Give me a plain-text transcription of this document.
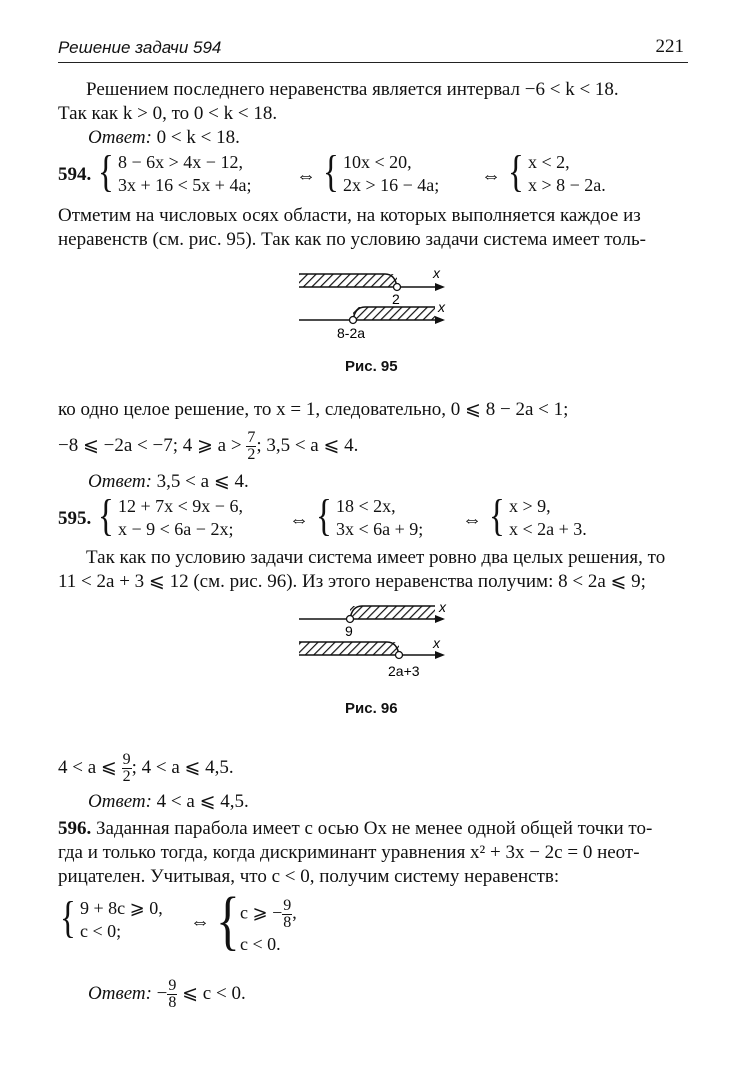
Решение задачи 594	221
Решением последнего неравенства является интервал −6 < k < 18.
Так как k > 0, то 0 < k < 18.
Ответ: 0 < k < 18.
594. { 8 − 6x > 4x − 12,
3x + 16 < 5x + 4a; ⇔ { 10x < 20,
2x > 16 − 4a; ⇔ { x < 2,
x > 8 − 2a.
Отметим на числовых осях области, на которых выполняется каждое из
неравенств (см. рис. 95). Так как по условию задачи система имеет толь-
x
2	x
8-2a
Рис. 95
ко одно целое решение, то x = 1, следовательно, 0 ⩽ 8 − 2a < 1;
−8 ⩽ −2a < −7; 4 ⩾ $a > \frac{7}{2}$ ; 3,5 < a ⩽ 4.
Ответ: 3,5 < a ⩽ 4.
595. { 12 + 7x < 9x − 6,
x − 9 < 6a − 2x;	⇔ { 18 < 2x,
3x < 6a + 9; ⇔ { x > 9,
x < 2a + 3.
Так как по условию задачи система имеет ровно два целых решения, то
11 < 2a + 3 ⩽ 12 (см. рис. 96). Из этого неравенства получим: 8 < 2a ⩽ 9;
x
9
x
2a+3
Рис. 96
4 < a ⩽ $\frac{9}{2}$ ; 4 < a ⩽ 4,5.
Ответ: 4 < a ⩽ 4,5.
596. Заданная парабола имеет с осью Ox не менее одной общей точки то-
гда и только тогда, когда дискриминант уравнения x² + 3x − 2c = 0 неот-
рицателен. Учитывая, что c < 0, получим систему неравенств:
{ 9 + 8c ⩾ 0,
c < 0;	⇔ { c ⩾ − $\frac{9}{8}$ ,
c < 0.
Ответ: − $\frac{9}{8}$ ⩽ c < 0.
